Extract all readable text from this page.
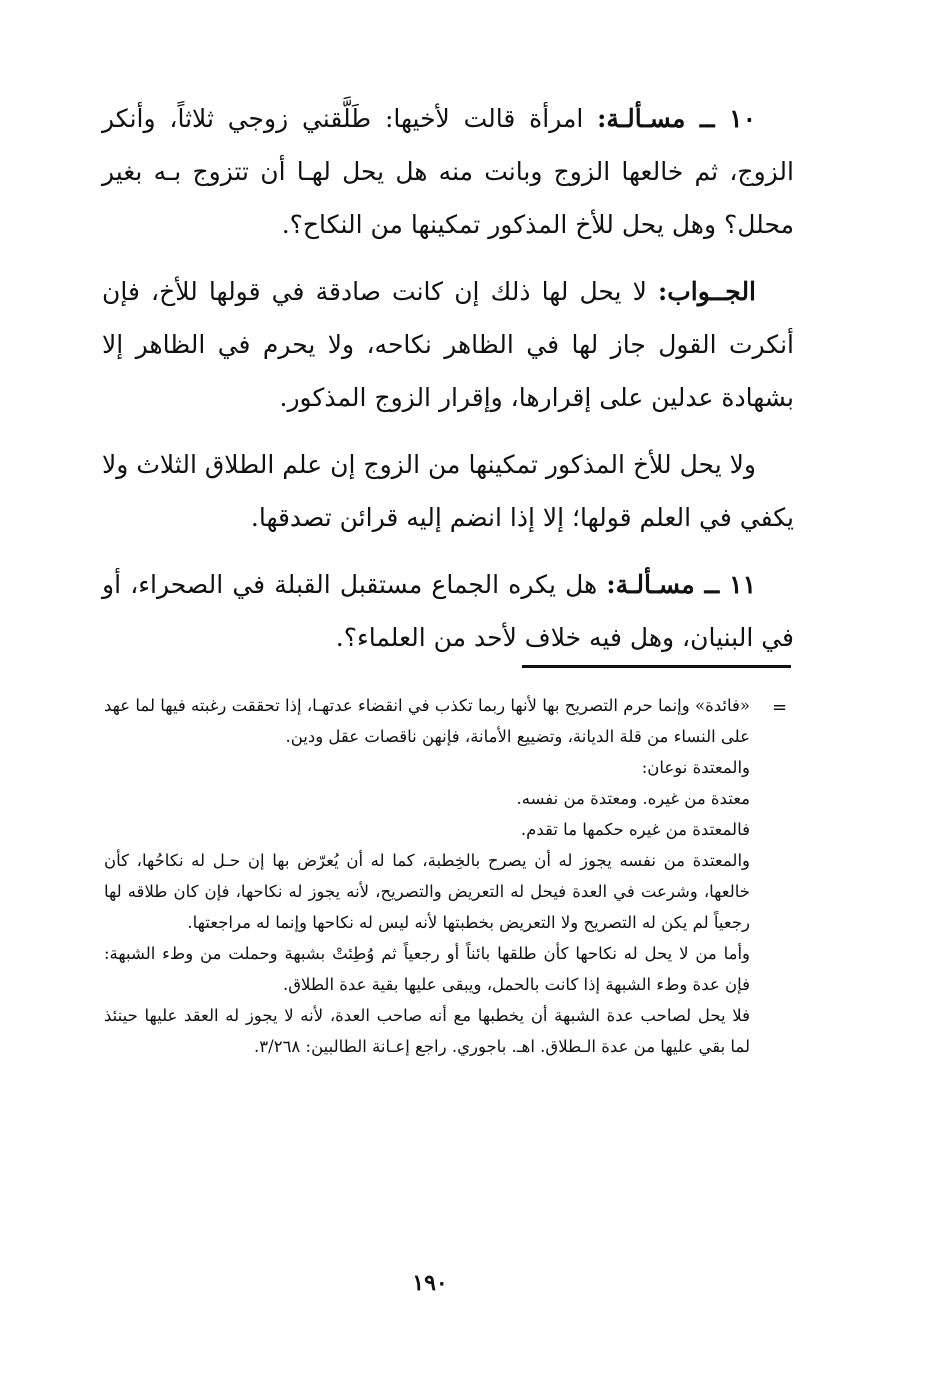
١٠ ــ مسـألـة: امرأة قالت لأخيها: طَلَّقني زوجي ثلاثاً، وأنكر الزوج، ثم خالعها الزوج وبانت منه هل يحل لهـا أن تتزوج بـه بغير محلل؟ وهل يحل للأخ المذكور تمكينها من النكاح؟.

الجــواب: لا يحل لها ذلك إن كانت صادقة في قولها للأخ، فإن أنكرت القول جاز لها في الظاهر نكاحه، ولا يحرم في الظاهر إلا بشهادة عدلين على إقرارها، وإقرار الزوج المذكور.

ولا يحل للأخ المذكور تمكينها من الزوج إن علم الطلاق الثلاث ولا يكفي في العلم قولها؛ إلا إذا انضم إليه قرائن تصدقها.

١١ ــ مسـألـة: هل يكره الجماع مستقبل القبلة في الصحراء، أو في البنيان، وهل فيه خلاف لأحد من العلماء؟.

=

«فائدة» وإنما حرم التصريح بها لأنها ربما تكذب في انقضاء عدتهـا، إذا تحققت رغبته فيها لما عهد على النساء من قلة الديانة، وتضييع الأمانة، فإنهن ناقصات عقل ودين.

والمعتدة نوعان:

معتدة من غيره. ومعتدة من نفسه.

فالمعتدة من غيره حكمها ما تقدم.

والمعتدة من نفسه يجوز له أن يصرح بالخِطبة، كما له أن يُعرّض بها إن حـل له نكاحُها، كأن خالعها، وشرعت في العدة فيحل له التعريض والتصريح، لأنه يجوز له نكاحها، فإن كان طلاقه لها رجعياً لم يكن له التصريح ولا التعريض بخطبتها لأنه ليس له نكاحها وإنما له مراجعتها.

وأما من لا يحل له نكاحها كأن طلقها بائناً أو رجعياً ثم وُطِئتْ بشبهة وحملت من وطء الشبهة: فإن عدة وطء الشبهة إذا كانت بالحمل، ويبقى عليها بقية عدة الطلاق.

فلا يحل لصاحب عدة الشبهة أن يخطبها مع أنه صاحب العدة، لأنه لا يجوز له العقد عليها حينئذ لما بقي عليها من عدة الـطلاق. اهـ. باجوري. راجع إعـانة الطالبين: ٣/٢٦٨.

١٩٠
